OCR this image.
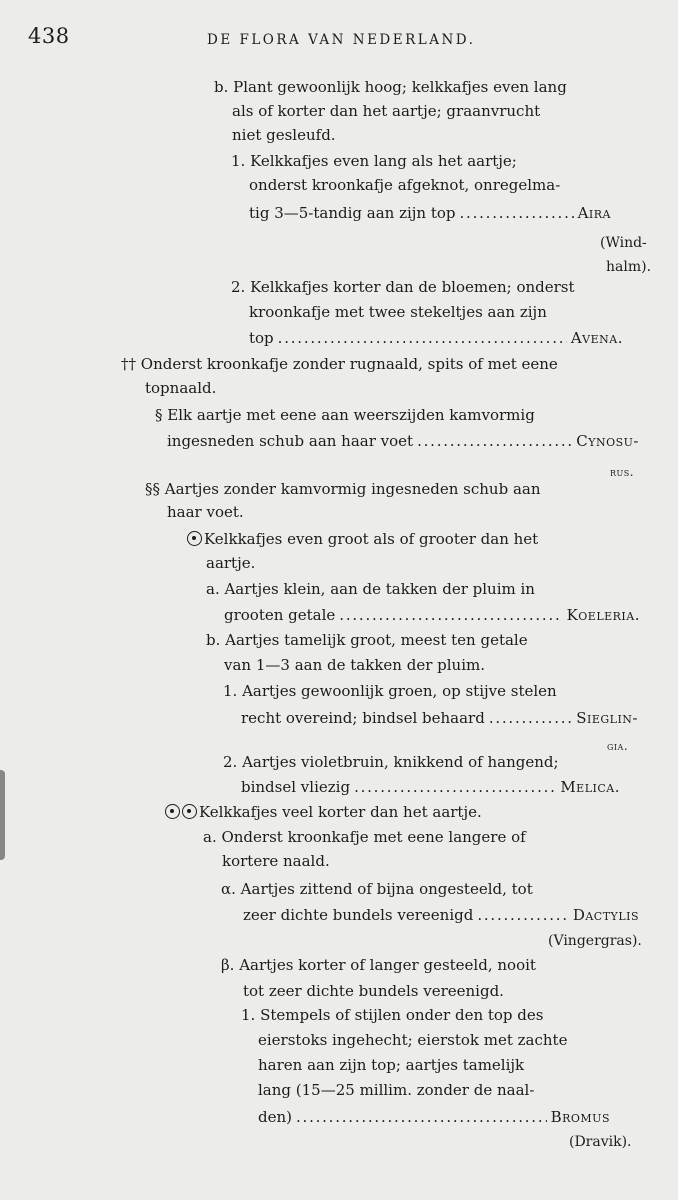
438	DE FLORA VAN NEDERLAND.
b. Plant gewoonlijk hoog; kelkkafjes even lang
als of korter dan het aartje; graanvrucht
niet gesleufd.
1. Kelkkafjes even lang als het aartje;
onderst kroonkafje afgeknot, onregelma-
tig 3—5-tandig aan zijn top . . .	Aira
(Wind-
halm).
2. Kelkkafjes korter dan de bloemen; onderst
kroonkafje met twee stekeltjes aan zijn
top . . .	Avena.
†† Onderst kroonkafje zonder rugnaald, spits of met eene
topnaald.
§ Elk aartje met eene aan weerszijden kamvormig
ingesneden schub aan haar voet . . .	Cynosu-
rus.
§§ Aartjes zonder kamvormig ingesneden schub aan
haar voet.
Kelkkafjes even groot als of grooter dan het
aartje.
a. Aartjes klein, aan de takken der pluim in
grooten getale . . .	Koeleria.
b. Aartjes tamelijk groot, meest ten getale
van 1—3 aan de takken der pluim.
1. Aartjes gewoonlijk groen, op stijve stelen
recht overeind; bindsel behaard . . .	Sieglin-
gia.
2. Aartjes violetbruin, knikkend of hangend;
bindsel vliezig . . .	Melica.
Kelkkafjes veel korter dan het aartje.
a. Onderst kroonkafje met eene langere of
kortere naald.
α. Aartjes zittend of bijna ongesteeld, tot
zeer dichte bundels vereenigd . . .	Dactylis
(Vingergras).
β. Aartjes korter of langer gesteeld, nooit
tot zeer dichte bundels vereenigd.
1. Stempels of stijlen onder den top des
eierstoks ingehecht; eierstok met zachte
haren aan zijn top; aartjes tamelijk
lang (15—25 millim. zonder de naal-
den) . . .	Bromus
(Dravik).
